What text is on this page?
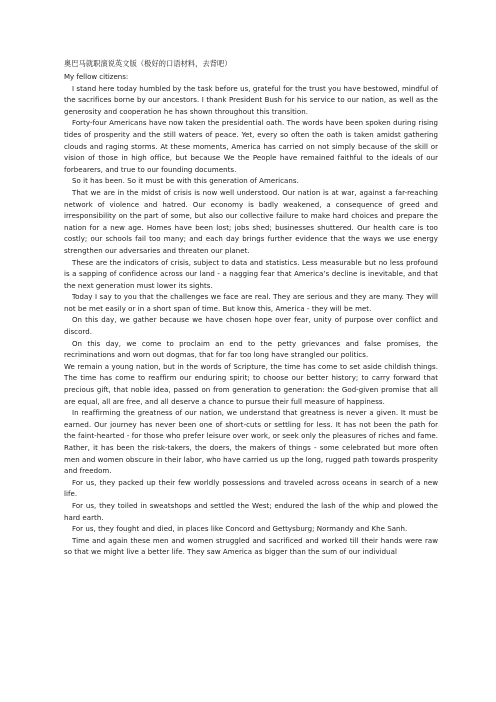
奥巴马就职演说英文版（极好的口语材料，去背吧）
My fellow citizens:

I stand here today humbled by the task before us, grateful for the trust you have bestowed, mindful of the sacrifices borne by our ancestors. I thank President Bush for his service to our nation, as well as the generosity and cooperation he has shown throughout this transition.

Forty-four Americans have now taken the presidential oath. The words have been spoken during rising tides of prosperity and the still waters of peace. Yet, every so often the oath is taken amidst gathering clouds and raging storms. At these moments, America has carried on not simply because of the skill or vision of those in high office, but because We the People have remained faithful to the ideals of our forbearers, and true to our founding documents.

So it has been. So it must be with this generation of Americans.

That we are in the midst of crisis is now well understood. Our nation is at war, against a far-reaching network of violence and hatred. Our economy is badly weakened, a consequence of greed and irresponsibility on the part of some, but also our collective failure to make hard choices and prepare the nation for a new age. Homes have been lost; jobs shed; businesses shuttered. Our health care is too costly; our schools fail too many; and each day brings further evidence that the ways we use energy strengthen our adversaries and threaten our planet.

These are the indicators of crisis, subject to data and statistics. Less measurable but no less profound is a sapping of confidence across our land - a nagging fear that America’s decline is inevitable, and that the next generation must lower its sights.

Today I say to you that the challenges we face are real. They are serious and they are many. They will not be met easily or in a short span of time. But know this, America - they will be met.

On this day, we gather because we have chosen hope over fear, unity of purpose over conflict and discord.

On this day, we come to proclaim an end to the petty grievances and false promises, the recriminations and worn out dogmas, that for far too long have strangled our politics.

We remain a young nation, but in the words of Scripture, the time has come to set aside childish things. The time has come to reaffirm our enduring spirit; to choose our better history; to carry forward that precious gift, that noble idea, passed on from generation to generation: the God-given promise that all are equal, all are free, and all deserve a chance to pursue their full measure of happiness.

In reaffirming the greatness of our nation, we understand that greatness is never a given. It must be earned. Our journey has never been one of short-cuts or settling for less. It has not been the path for the faint-hearted - for those who prefer leisure over work, or seek only the pleasures of riches and fame. Rather, it has been the risk-takers, the doers, the makers of things - some celebrated but more often men and women obscure in their labor, who have carried us up the long, rugged path towards prosperity and freedom.

For us, they packed up their few worldly possessions and traveled across oceans in search of a new life.

For us, they toiled in sweatshops and settled the West; endured the lash of the whip and plowed the hard earth.

For us, they fought and died, in places like Concord and Gettysburg; Normandy and Khe Sanh.

Time and again these men and women struggled and sacrificed and worked till their hands were raw so that we might live a better life. They saw America as bigger than the sum of our individual
